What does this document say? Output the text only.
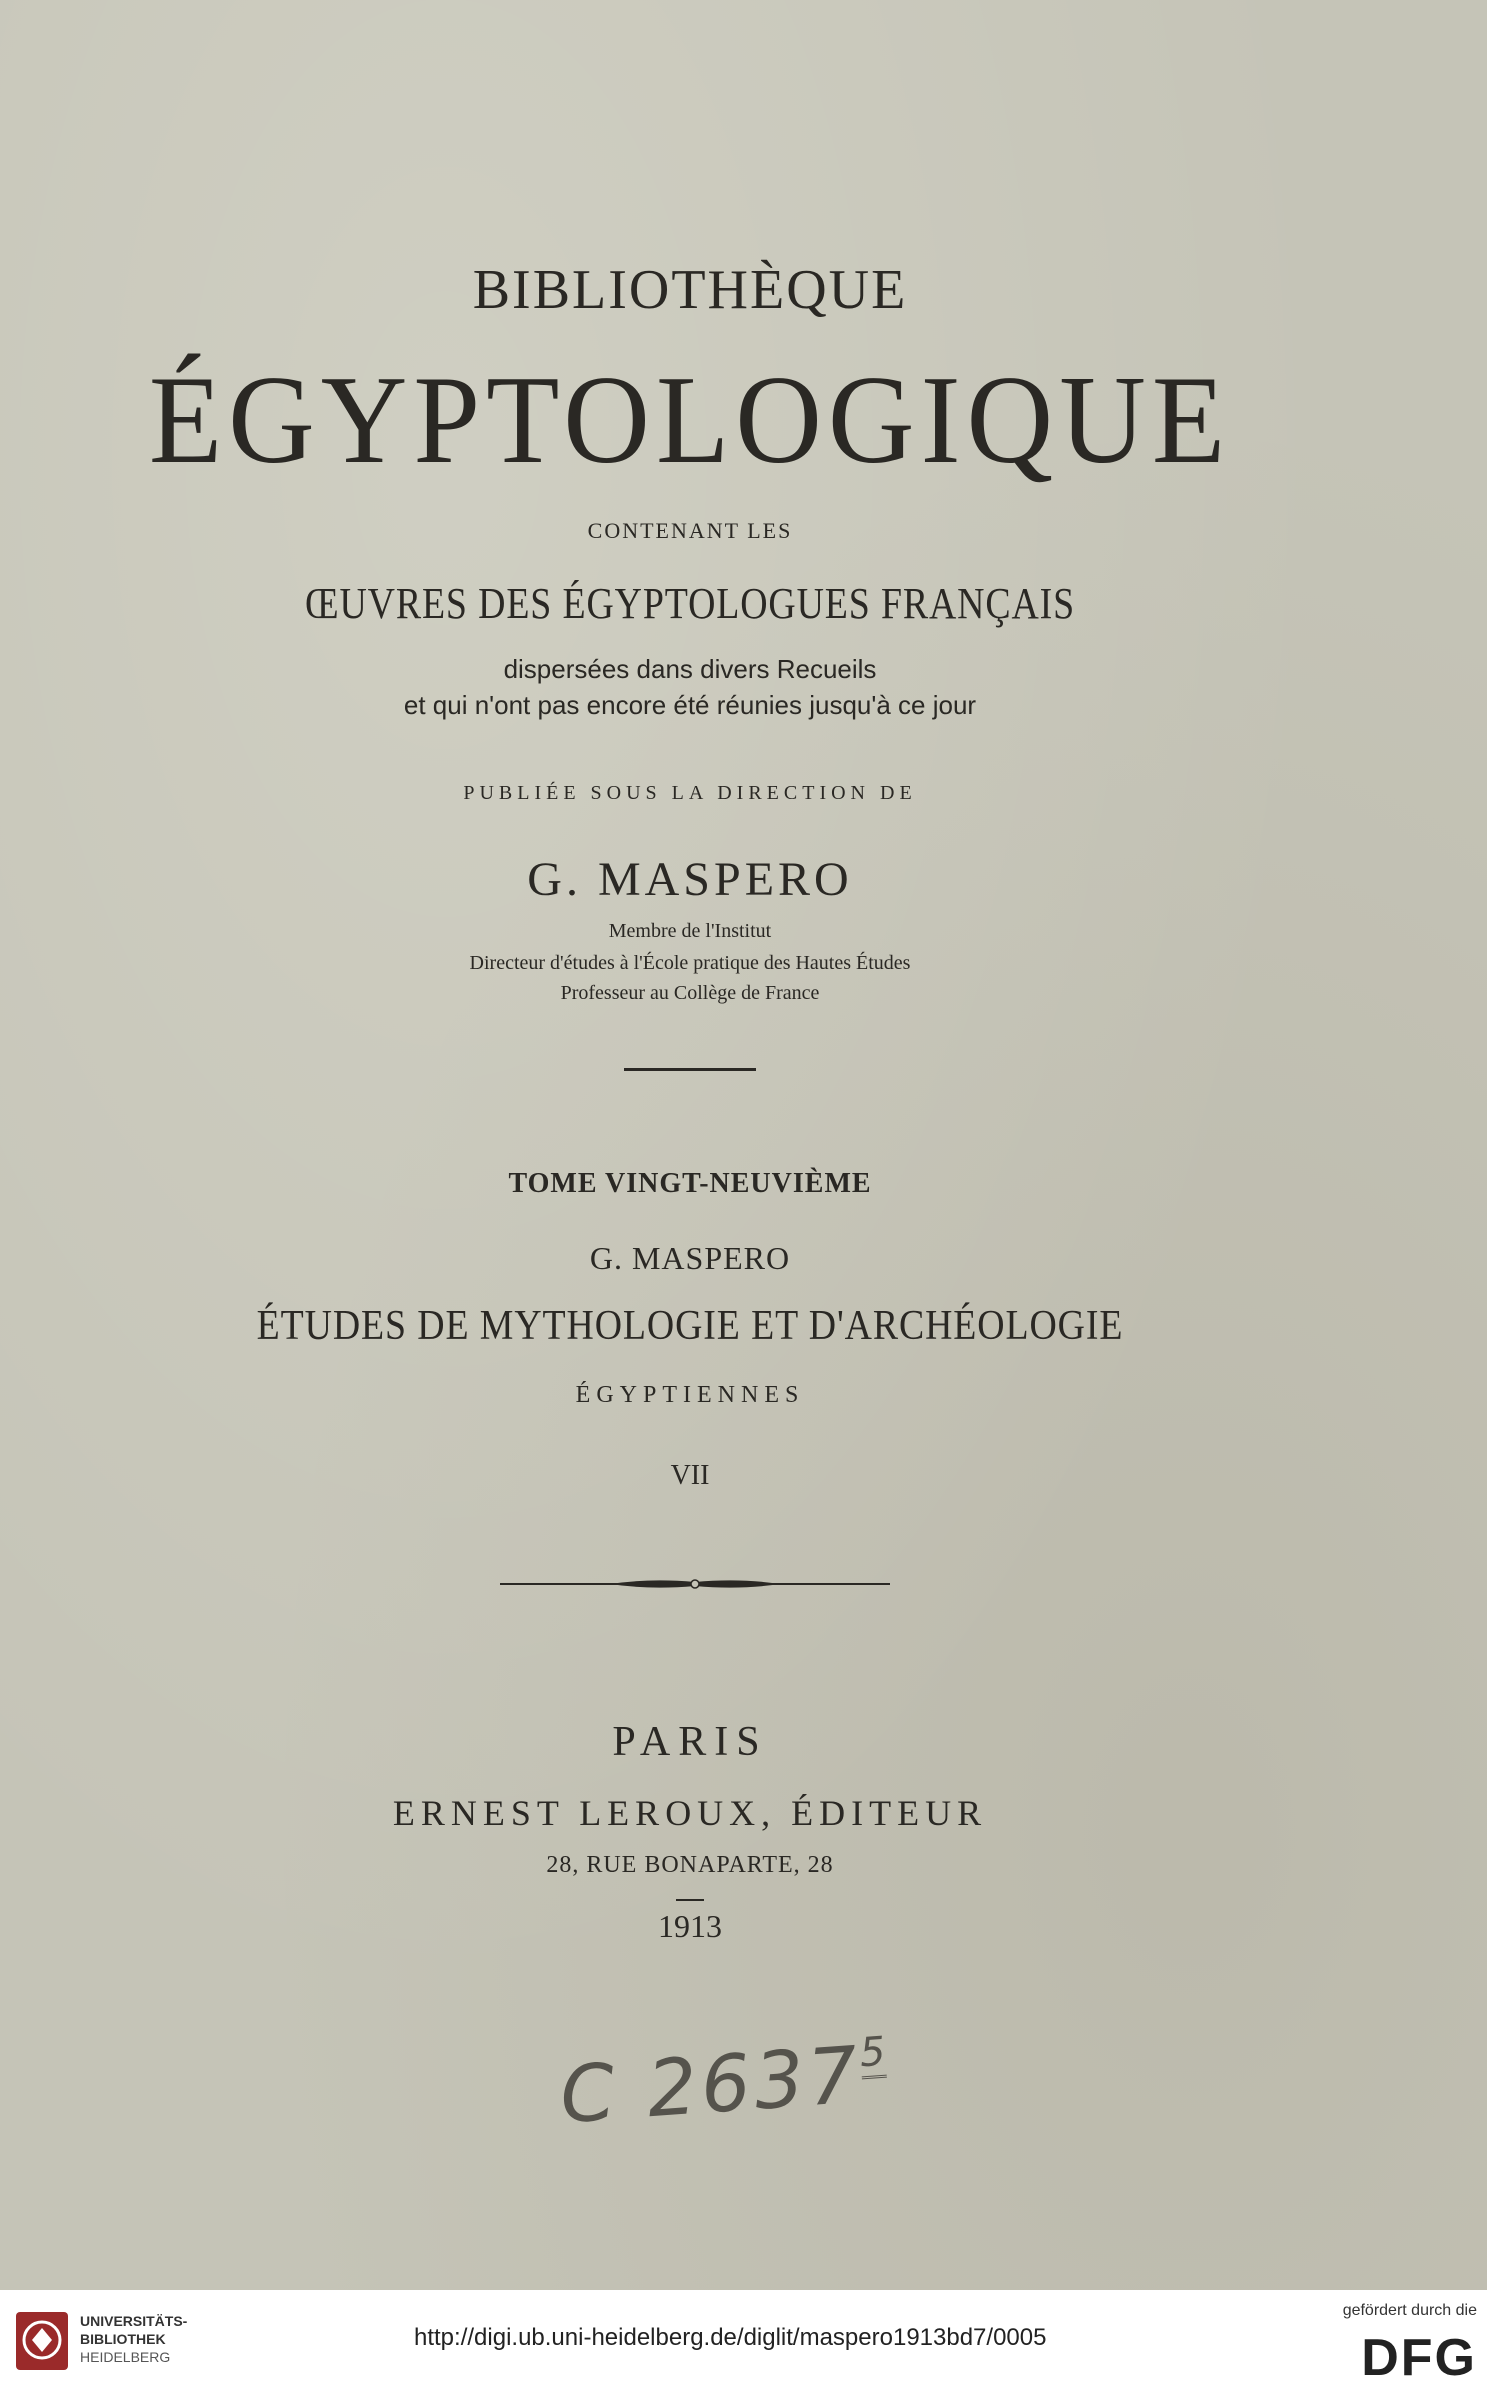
BIBLIOTHÈQUE
ÉGYPTOLOGIQUE
CONTENANT LES
ŒUVRES DES ÉGYPTOLOGUES FRANÇAIS
dispersées dans divers Recueils
et qui n'ont pas encore été réunies jusqu'à ce jour
PUBLIÉE SOUS LA DIRECTION DE
G. MASPERO
Membre de l'Institut
Directeur d'études à l'École pratique des Hautes Études
Professeur au Collège de France
TOME VINGT-NEUVIÈME
G. MASPERO
ÉTUDES DE MYTHOLOGIE ET D'ARCHÉOLOGIE
ÉGYPTIENNES
VII
PARIS
ERNEST LEROUX, ÉDITEUR
28, RUE BONAPARTE, 28
1913
C 26375
UNIVERSITÄTS-
BIBLIOTHEK
HEIDELBERG
http://digi.ub.uni-heidelberg.de/diglit/maspero1913bd7/0005
gefördert durch die
DFG
